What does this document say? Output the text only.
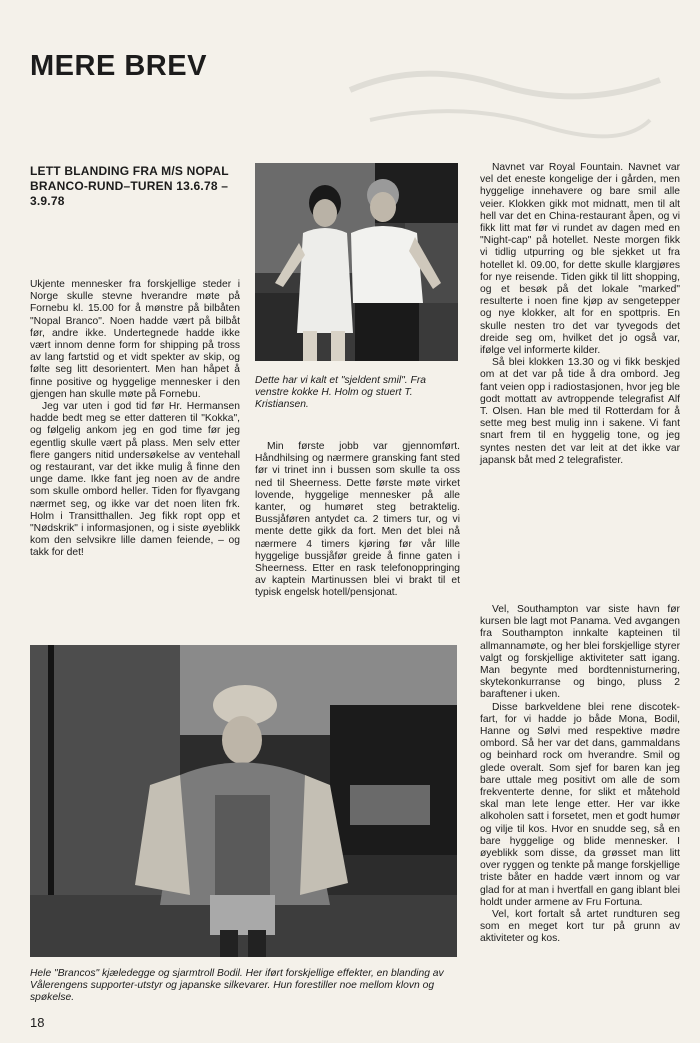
MERE BREV
LETT BLANDING FRA M/S NOPAL BRANCO-RUND–TUREN 13.6.78 – 3.9.78

Ukjente mennesker fra forskjellige steder i Norge skulle stevne hverandre møte på Fornebu kl. 15.00 for å mønstre på bilbåten "Nopal Branco". Noen hadde vært på bilbåt før, andre ikke. Undertegnede hadde ikke vært innom denne form for shipping på tross av lang fartstid og et vidt spekter av skip, og følte seg litt desorientert. Men han håpet å finne positive og hyggelige mennesker i den gjengen han skulle møte på Fornebu.

Jeg var uten i god tid før Hr. Hermansen hadde bedt meg se etter datteren til "Kokka", og følgelig ankom jeg en god time før jeg egentlig skulle vært på plass. Men selv etter flere gangers nitid undersøkelse av ventehall og restaurant, var det ikke mulig å finne den unge dame. Ikke fant jeg noen av de andre som skulle ombord heller. Tiden for flyavgang nærmet seg, og ikke var det noen liten frk. Holm i Transitthallen. Jeg fikk ropt opp et "Nødskrik" i informasjonen, og i siste øyeblikk kom den selvsikre lille damen feiende, – og takk for det!

Dette har vi kalt et "sjeldent smil". Fra venstre kokke H. Holm og stuert T. Kristiansen.

Min første jobb var gjennomført. Håndhilsing og nærmere gransking fant sted før vi trinet inn i bussen som skulle ta oss ned til Sheerness. Dette første møte virket lovende, hyggelige mennesker på alle kanter, og humøret steg betraktelig. Bussjåføren antydet ca. 2 timers tur, og vi mente dette gikk da fort. Men det blei nå nærmere 4 timers kjøring før vår lille hyggelige bussjåfør greide å finne gaten i Sheerness. Etter en rask telefonoppringing av kaptein Martinussen blei vi brakt til et typisk engelsk hotell/pensjonat.

Navnet var Royal Fountain. Navnet var vel det eneste kongelige der i gården, men hyggelige innehavere og bare smil alle veier. Klokken gikk mot midnatt, men til alt hell var det en China-restaurant åpen, og vi fikk litt mat før vi rundet av dagen med en "Night-cap" på hotellet. Neste morgen fikk vi tidlig utpurring og ble sjekket ut fra hotellet kl. 09.00, for dette skulle klargjøres for nye reisende. Tiden gikk til litt shopping, og et besøk på det lokale "marked" resulterte i noen fine kjøp av sengetepper og nye klokker, alt for en spottpris. En skulle nesten tro det var tyvegods det dreide seg om, hvilket det jo også var, ifølge vel informerte kilder.

Så blei klokken 13.30 og vi fikk beskjed om at det var på tide å dra ombord. Jeg fant veien opp i radiostasjonen, hvor jeg ble godt mottatt av avtroppende telegrafist Alf T. Olsen. Han ble med til Rotterdam for å sette meg best mulig inn i sakene. Vi fant snart frem til en hyggelig tone, og jeg syntes nesten det var leit at det ikke var japansk båt med 2 telegrafister.

Vel, Southampton var siste havn før kursen ble lagt mot Panama. Ved avgangen fra Southampton innkalte kapteinen til allmannamøte, og her blei forskjellige styrer valgt og forskjellige aktiviteter satt igang. Man begynte med bordtennisturnering, skytekonkurranse og bingo, pluss 2 baraftener i uken.

Disse barkveldene blei rene discotek-fart, for vi hadde jo både Mona, Bodil, Hanne og Sølvi med respektive mødre ombord. Så her var det dans, gammaldans og beinhard rock om hverandre. Smil og glede overalt. Som sjef for baren kan jeg bare uttale meg positivt om alle de som frekventerte denne, for slikt et måtehold skal man lete lenge etter. Her var ikke alkoholen satt i forsetet, men et godt humør og vilje til kos. Hvor en snudde seg, så en bare hyggelige og blide mennesker. I øyeblikk som disse, da grøsset man litt over ryggen og tenkte på mange forskjellige triste båter en hadde vært innom og var glad for at man i hvertfall en gang iblant blei holdt under armene av Fru Fortuna.

Vel, kort fortalt så artet rundturen seg som en meget kort tur på grunn av aktiviteter og kos.

Hele "Brancos" kjæledegge og sjarmtroll Bodil. Her iført forskjellige effekter, en blanding av Vålerengens supporter-utstyr og japanske silkevarer. Hun forestiller noe mellom klovn og spøkelse.
18
